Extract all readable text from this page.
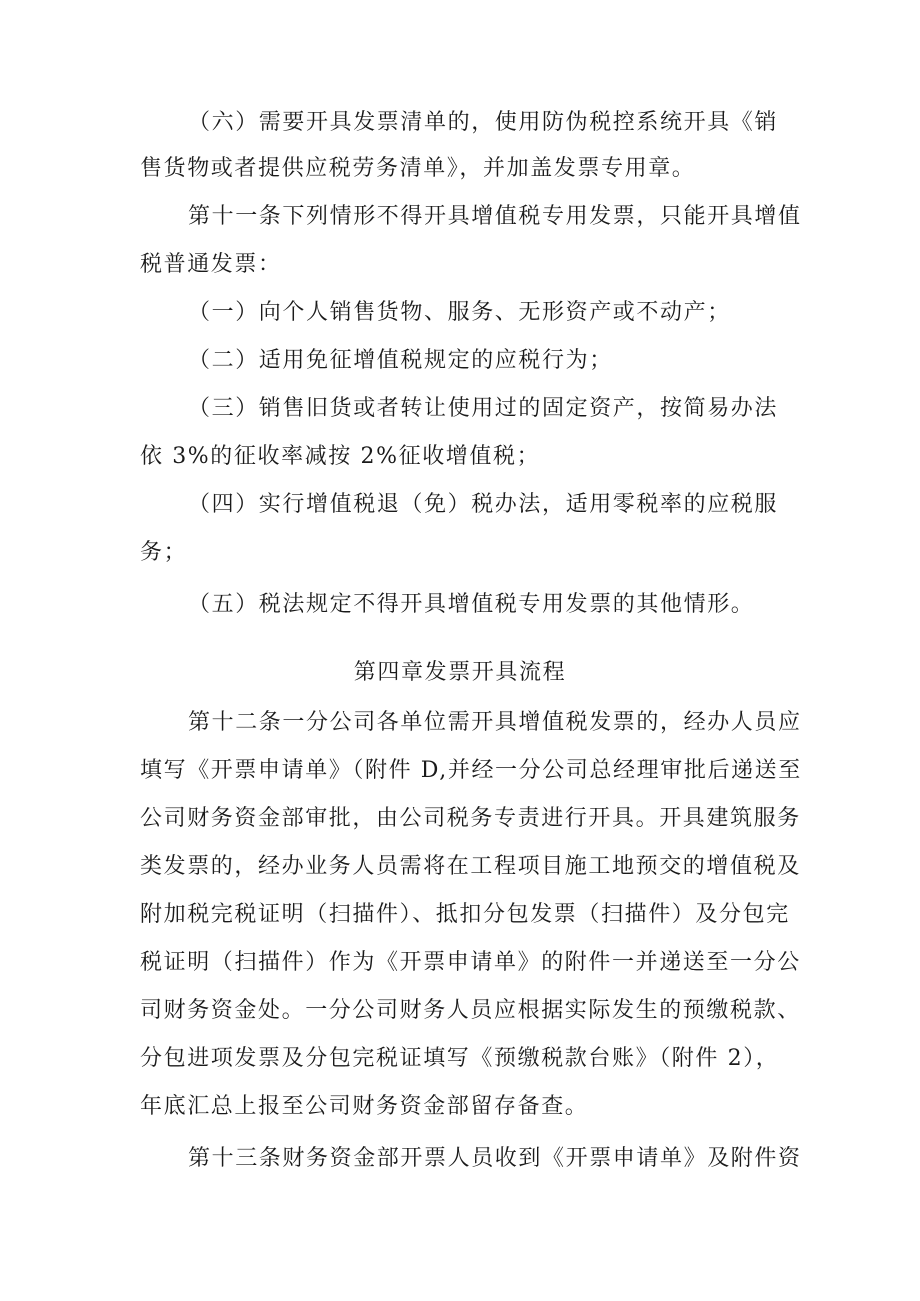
（六）需要开具发票清单的，使用防伪税控系统开具《销
售货物或者提供应税劳务清单》，并加盖发票专用章。
第十一条下列情形不得开具增值税专用发票，只能开具增值
税普通发票：
（一）向个人销售货物、服务、无形资产或不动产；
（二）适用免征增值税规定的应税行为；
（三）销售旧货或者转让使用过的固定资产，按简易办法
依 3%的征收率减按 2%征收增值税；
（四）实行增值税退（免）税办法，适用零税率的应税服
务；
（五）税法规定不得开具增值税专用发票的其他情形。
第四章发票开具流程
第十二条一分公司各单位需开具增值税发票的，经办人员应
填写《开票申请单》（附件 D,并经一分公司总经理审批后递送至
公司财务资金部审批，由公司税务专责进行开具。开具建筑服务
类发票的，经办业务人员需将在工程项目施工地预交的增值税及
附加税完税证明（扫描件）、抵扣分包发票（扫描件）及分包完
税证明（扫描件）作为《开票申请单》的附件一并递送至一分公
司财务资金处。一分公司财务人员应根据实际发生的预缴税款、
分包进项发票及分包完税证填写《预缴税款台账》（附件 2），
年底汇总上报至公司财务资金部留存备查。
第十三条财务资金部开票人员收到《开票申请单》及附件资
